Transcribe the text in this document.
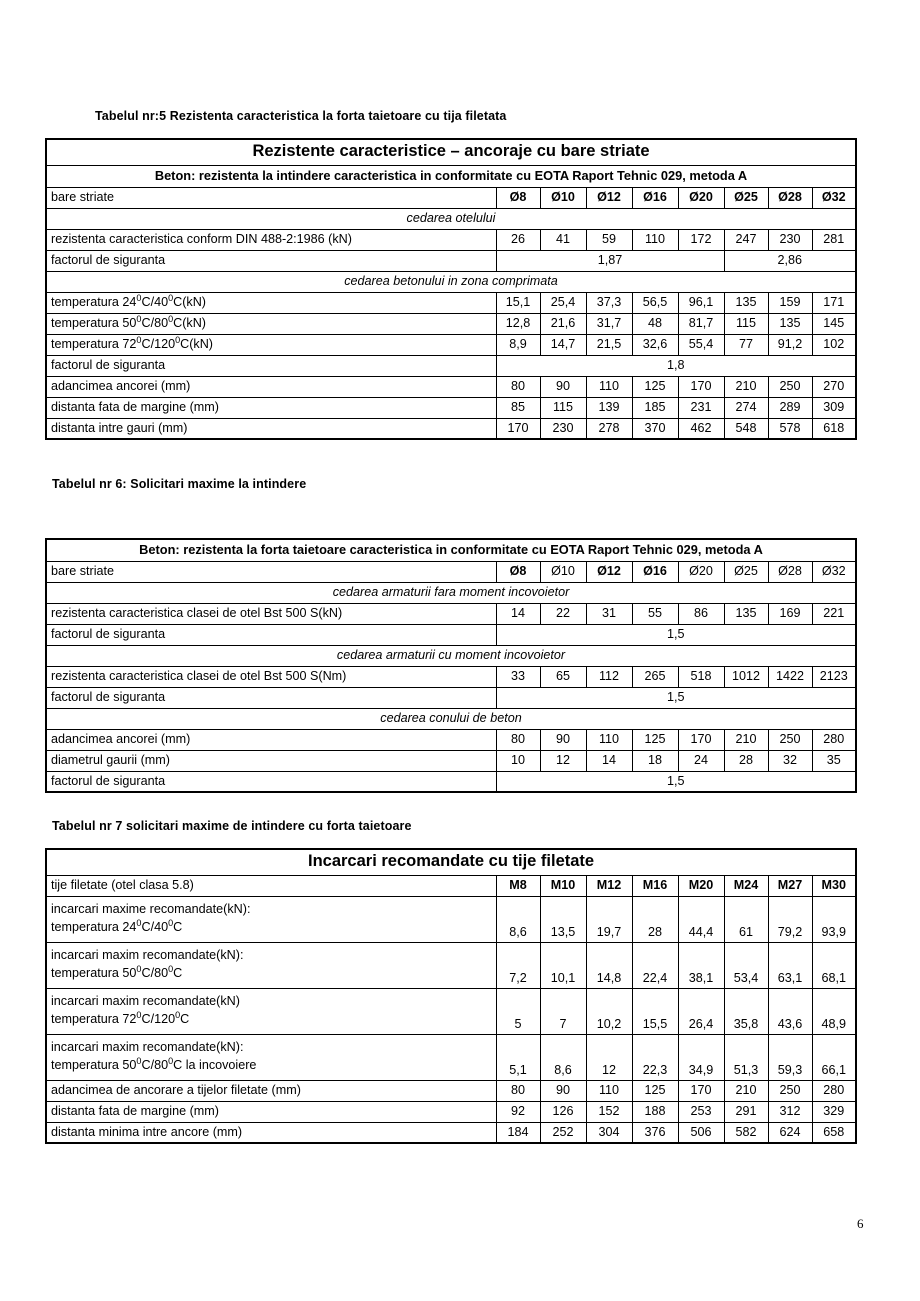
Tabelul nr:5 Rezistenta caracteristica la forta taietoare cu tija filetata
Rezistente caracteristice – ancoraje cu bare striate								
Beton: rezistenta la intindere caracteristica in conformitate cu EOTA Raport Tehnic 029, metoda A								
bare striate	Ø8	Ø10	Ø12	Ø16	Ø20	Ø25	Ø28	Ø32
cedarea otelului								
rezistenta caracteristica conform DIN 488-2:1986 (kN)	26	41	59	110	172	247	230	281
factorul de siguranta	1,87					2,86		
cedarea betonului in zona comprimata								
temperatura $24^0C/40^0C(kN)$	15,1	25,4	37,3	56,5	96,1	135	159	171
temperatura $50^0C/80^0C(kN)$	12,8	21,6	31,7	48	81,7	115	135	145
temperatura $72^0C/120^0C(kN)$	8,9	14,7	21,5	32,6	55,4	77	91,2	102
factorul de siguranta	1,8							
adancimea ancorei (mm)	80	90	110	125	170	210	250	270
distanta fata de margine (mm)	85	115	139	185	231	274	289	309
distanta intre gauri (mm)	170	230	278	370	462	548	578	618
Tabelul nr 6: Solicitari maxime la intindere
Beton: rezistenta la forta taietoare caracteristica in conformitate cu EOTA Raport Tehnic 029, metoda A								
bare striate	Ø8	Ø10	Ø12	Ø16	Ø20	Ø25	Ø28	Ø32
cedarea armaturii fara moment incovoietor								
rezistenta caracteristica clasei de otel Bst 500 S(kN)	14	22	31	55	86	135	169	221
factorul de siguranta	1,5							
cedarea armaturii cu moment incovoietor								
rezistenta caracteristica clasei de otel Bst 500 S(Nm)	33	65	112	265	518	1012	1422	2123
factorul de siguranta	1,5							
cedarea conului de beton								
adancimea ancorei (mm)	80	90	110	125	170	210	250	280
diametrul gaurii (mm)	10	12	14	18	24	28	32	35
factorul de siguranta	1,5							
Tabelul nr 7 solicitari maxime de intindere cu forta taietoare
Incarcari recomandate cu tije filetate								
tije filetate (otel clasa 5.8)	M8	M10	M12	M16	M20	M24	M27	M30
incarcari maxime recomandate(kN):
temperatura $24^0C/40^0C$	8,6	13,5	19,7	28	44,4	61	79,2	93,9
incarcari maxim recomandate(kN):
temperatura $50^0C/80^0C$	7,2	10,1	14,8	22,4	38,1	53,4	63,1	68,1
incarcari maxim recomandate(kN)
temperatura $72^0C/120^0C$	5	7	10,2	15,5	26,4	35,8	43,6	48,9
incarcari maxim recomandate(kN):
temperatura $50^0C/80^0C$ la incovoiere	5,1	8,6	12	22,3	34,9	51,3	59,3	66,1
adancimea de ancorare a tijelor filetate (mm)	80	90	110	125	170	210	250	280
distanta fata de margine (mm)	92	126	152	188	253	291	312	329
distanta minima intre ancore (mm)	184	252	304	376	506	582	624	658
6
